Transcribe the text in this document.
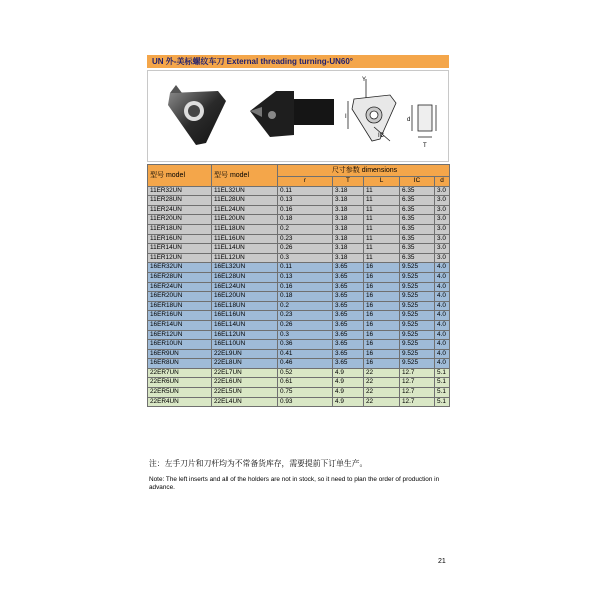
UN 外-美标螺纹车刀 External threading turning-UN60°
Y
I
IC
d
T
型号 model	型号 model	尺寸参数 dimensions				
		r	T	L	IC	d
11ER32UN	11EL32UN	0.11	3.18	11	6.35	3.0
11ER28UN	11EL28UN	0.13	3.18	11	6.35	3.0
11ER24UN	11EL24UN	0.16	3.18	11	6.35	3.0
11ER20UN	11EL20UN	0.18	3.18	11	6.35	3.0
11ER18UN	11EL18UN	0.2	3.18	11	6.35	3.0
11ER16UN	11EL16UN	0.23	3.18	11	6.35	3.0
11ER14UN	11EL14UN	0.26	3.18	11	6.35	3.0
11ER12UN	11EL12UN	0.3	3.18	11	6.35	3.0
16ER32UN	16EL32UN	0.11	3.65	16	9.525	4.0
16ER28UN	16EL28UN	0.13	3.65	16	9.525	4.0
16ER24UN	16EL24UN	0.16	3.65	16	9.525	4.0
16ER20UN	16EL20UN	0.18	3.65	16	9.525	4.0
16ER18UN	16EL18UN	0.2	3.65	16	9.525	4.0
16ER16UN	16EL16UN	0.23	3.65	16	9.525	4.0
16ER14UN	16EL14UN	0.26	3.65	16	9.525	4.0
16ER12UN	16EL12UN	0.3	3.65	16	9.525	4.0
16ER10UN	16EL10UN	0.36	3.65	16	9.525	4.0
16ER9UN	22EL9UN	0.41	3.65	16	9.525	4.0
16ER8UN	22EL8UN	0.46	3.65	16	9.525	4.0
22ER7UN	22EL7UN	0.52	4.9	22	12.7	5.1
22ER6UN	22EL6UN	0.61	4.9	22	12.7	5.1
22ER5UN	22EL5UN	0.75	4.9	22	12.7	5.1
22ER4UN	22EL4UN	0.93	4.9	22	12.7	5.1
注：左手刀片和刀杆均为不常备货库存，需要提前下订单生产。
Note: The left inserts and all of the holders are not in stock, so it need to plan the order of production in advance.
21
